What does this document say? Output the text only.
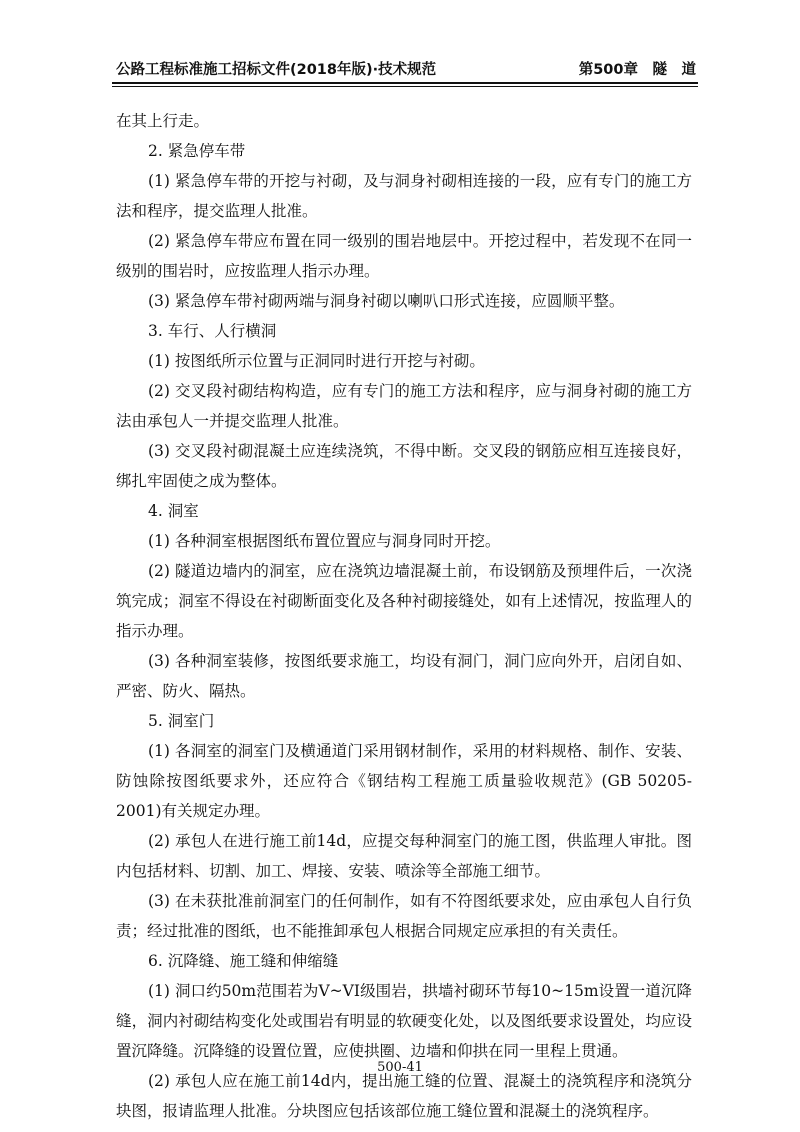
公路工程标准施工招标文件(2018年版)·技术规范	第500章　隧　道

在其上行走。

2. 紧急停车带

(1) 紧急停车带的开挖与衬砌，及与洞身衬砌相连接的一段，应有专门的施工方法和程序，提交监理人批准。

(2) 紧急停车带应布置在同一级别的围岩地层中。开挖过程中，若发现不在同一级别的围岩时，应按监理人指示办理。

(3) 紧急停车带衬砌两端与洞身衬砌以喇叭口形式连接，应圆顺平整。

3. 车行、人行横洞

(1) 按图纸所示位置与正洞同时进行开挖与衬砌。

(2) 交叉段衬砌结构构造，应有专门的施工方法和程序，应与洞身衬砌的施工方法由承包人一并提交监理人批准。

(3) 交叉段衬砌混凝土应连续浇筑，不得中断。交叉段的钢筋应相互连接良好，绑扎牢固使之成为整体。

4. 洞室

(1) 各种洞室根据图纸布置位置应与洞身同时开挖。

(2) 隧道边墙内的洞室，应在浇筑边墙混凝土前，布设钢筋及预埋件后，一次浇筑完成；洞室不得设在衬砌断面变化及各种衬砌接缝处，如有上述情况，按监理人的指示办理。

(3) 各种洞室装修，按图纸要求施工，均设有洞门，洞门应向外开，启闭自如、严密、防火、隔热。

5. 洞室门

(1) 各洞室的洞室门及横通道门采用钢材制作，采用的材料规格、制作、安装、防蚀除按图纸要求外，还应符合《钢结构工程施工质量验收规范》(GB 50205-2001)有关规定办理。

(2) 承包人在进行施工前14d，应提交每种洞室门的施工图，供监理人审批。图内包括材料、切割、加工、焊接、安装、喷涂等全部施工细节。

(3) 在未获批准前洞室门的任何制作，如有不符图纸要求处，应由承包人自行负责；经过批准的图纸，也不能推卸承包人根据合同规定应承担的有关责任。

6. 沉降缝、施工缝和伸缩缝

(1) 洞口约50m范围若为V~VI级围岩，拱墙衬砌环节每10~15m设置一道沉降缝，洞内衬砌结构变化处或围岩有明显的软硬变化处，以及图纸要求设置处，均应设置沉降缝。沉降缝的设置位置，应使拱圈、边墙和仰拱在同一里程上贯通。

(2) 承包人应在施工前14d内，提出施工缝的位置、混凝土的浇筑程序和浇筑分块图，报请监理人批准。分块图应包括该部位施工缝位置和混凝土的浇筑程序。

500-41
